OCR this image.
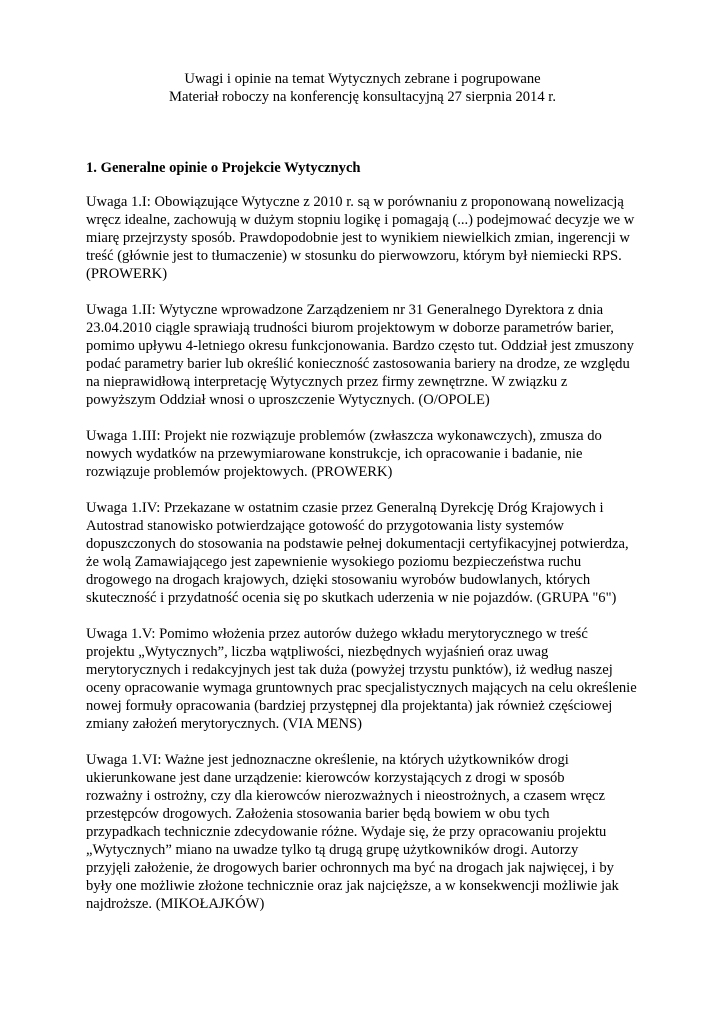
Uwagi i opinie na temat Wytycznych zebrane i pogrupowane
Materiał roboczy na konferencję konsultacyjną 27 sierpnia 2014 r.
1. Generalne opinie o Projekcie Wytycznych
Uwaga 1.I: Obowiązujące Wytyczne z 2010 r. są w porównaniu z proponowaną nowelizacją
wręcz idealne, zachowują w dużym stopniu logikę i pomagają (...) podejmować decyzje we w
miarę przejrzysty sposób. Prawdopodobnie jest to wynikiem niewielkich zmian, ingerencji w
treść (głównie jest to tłumaczenie) w stosunku do pierwowzoru, którym był niemiecki RPS.
(PROWERK)
Uwaga 1.II: Wytyczne wprowadzone Zarządzeniem nr 31 Generalnego Dyrektora z dnia
23.04.2010 ciągle sprawiają trudności biurom projektowym w doborze parametrów barier,
pomimo upływu 4-letniego okresu funkcjonowania. Bardzo często tut. Oddział jest zmuszony
podać parametry barier lub określić konieczność zastosowania bariery na drodze, ze względu
na nieprawidłową interpretację Wytycznych przez firmy zewnętrzne. W związku z
powyższym Oddział wnosi o uproszczenie Wytycznych. (O/OPOLE)
Uwaga 1.III: Projekt nie rozwiązuje problemów (zwłaszcza wykonawczych), zmusza do
nowych wydatków na przewymiarowane konstrukcje, ich opracowanie i badanie, nie
rozwiązuje problemów projektowych. (PROWERK)
Uwaga 1.IV: Przekazane w ostatnim czasie przez Generalną Dyrekcję Dróg Krajowych i
Autostrad stanowisko potwierdzające gotowość do przygotowania listy systemów
dopuszczonych do stosowania na podstawie pełnej dokumentacji certyfikacyjnej potwierdza,
że wolą Zamawiającego jest zapewnienie wysokiego poziomu bezpieczeństwa ruchu
drogowego na drogach krajowych, dzięki stosowaniu wyrobów budowlanych, których
skuteczność i przydatność ocenia się po skutkach uderzenia w nie pojazdów. (GRUPA "6")
Uwaga 1.V: Pomimo włożenia przez autorów dużego wkładu merytorycznego w treść
projektu „Wytycznych”, liczba wątpliwości, niezbędnych wyjaśnień oraz uwag
merytorycznych i redakcyjnych jest tak duża (powyżej trzystu punktów), iż według naszej
oceny opracowanie wymaga gruntownych prac specjalistycznych mających na celu określenie
nowej formuły opracowania (bardziej przystępnej dla projektanta) jak również częściowej
zmiany założeń merytorycznych. (VIA MENS)
Uwaga 1.VI: Ważne jest jednoznaczne określenie, na których użytkowników drogi
ukierunkowane jest dane urządzenie: kierowców korzystających z drogi w sposób
rozważny i ostrożny, czy dla kierowców nierozważnych i nieostrożnych, a czasem wręcz
przestępców drogowych. Założenia stosowania barier będą bowiem w obu tych
przypadkach technicznie zdecydowanie różne. Wydaje się, że przy opracowaniu projektu
„Wytycznych” miano na uwadze tylko tą drugą grupę użytkowników drogi. Autorzy
przyjęli założenie, że drogowych barier ochronnych ma być na drogach jak najwięcej, i by
były one możliwie złożone technicznie oraz jak najcięższe, a w konsekwencji możliwie jak
najdroższe. (MIKOŁAJKÓW)
